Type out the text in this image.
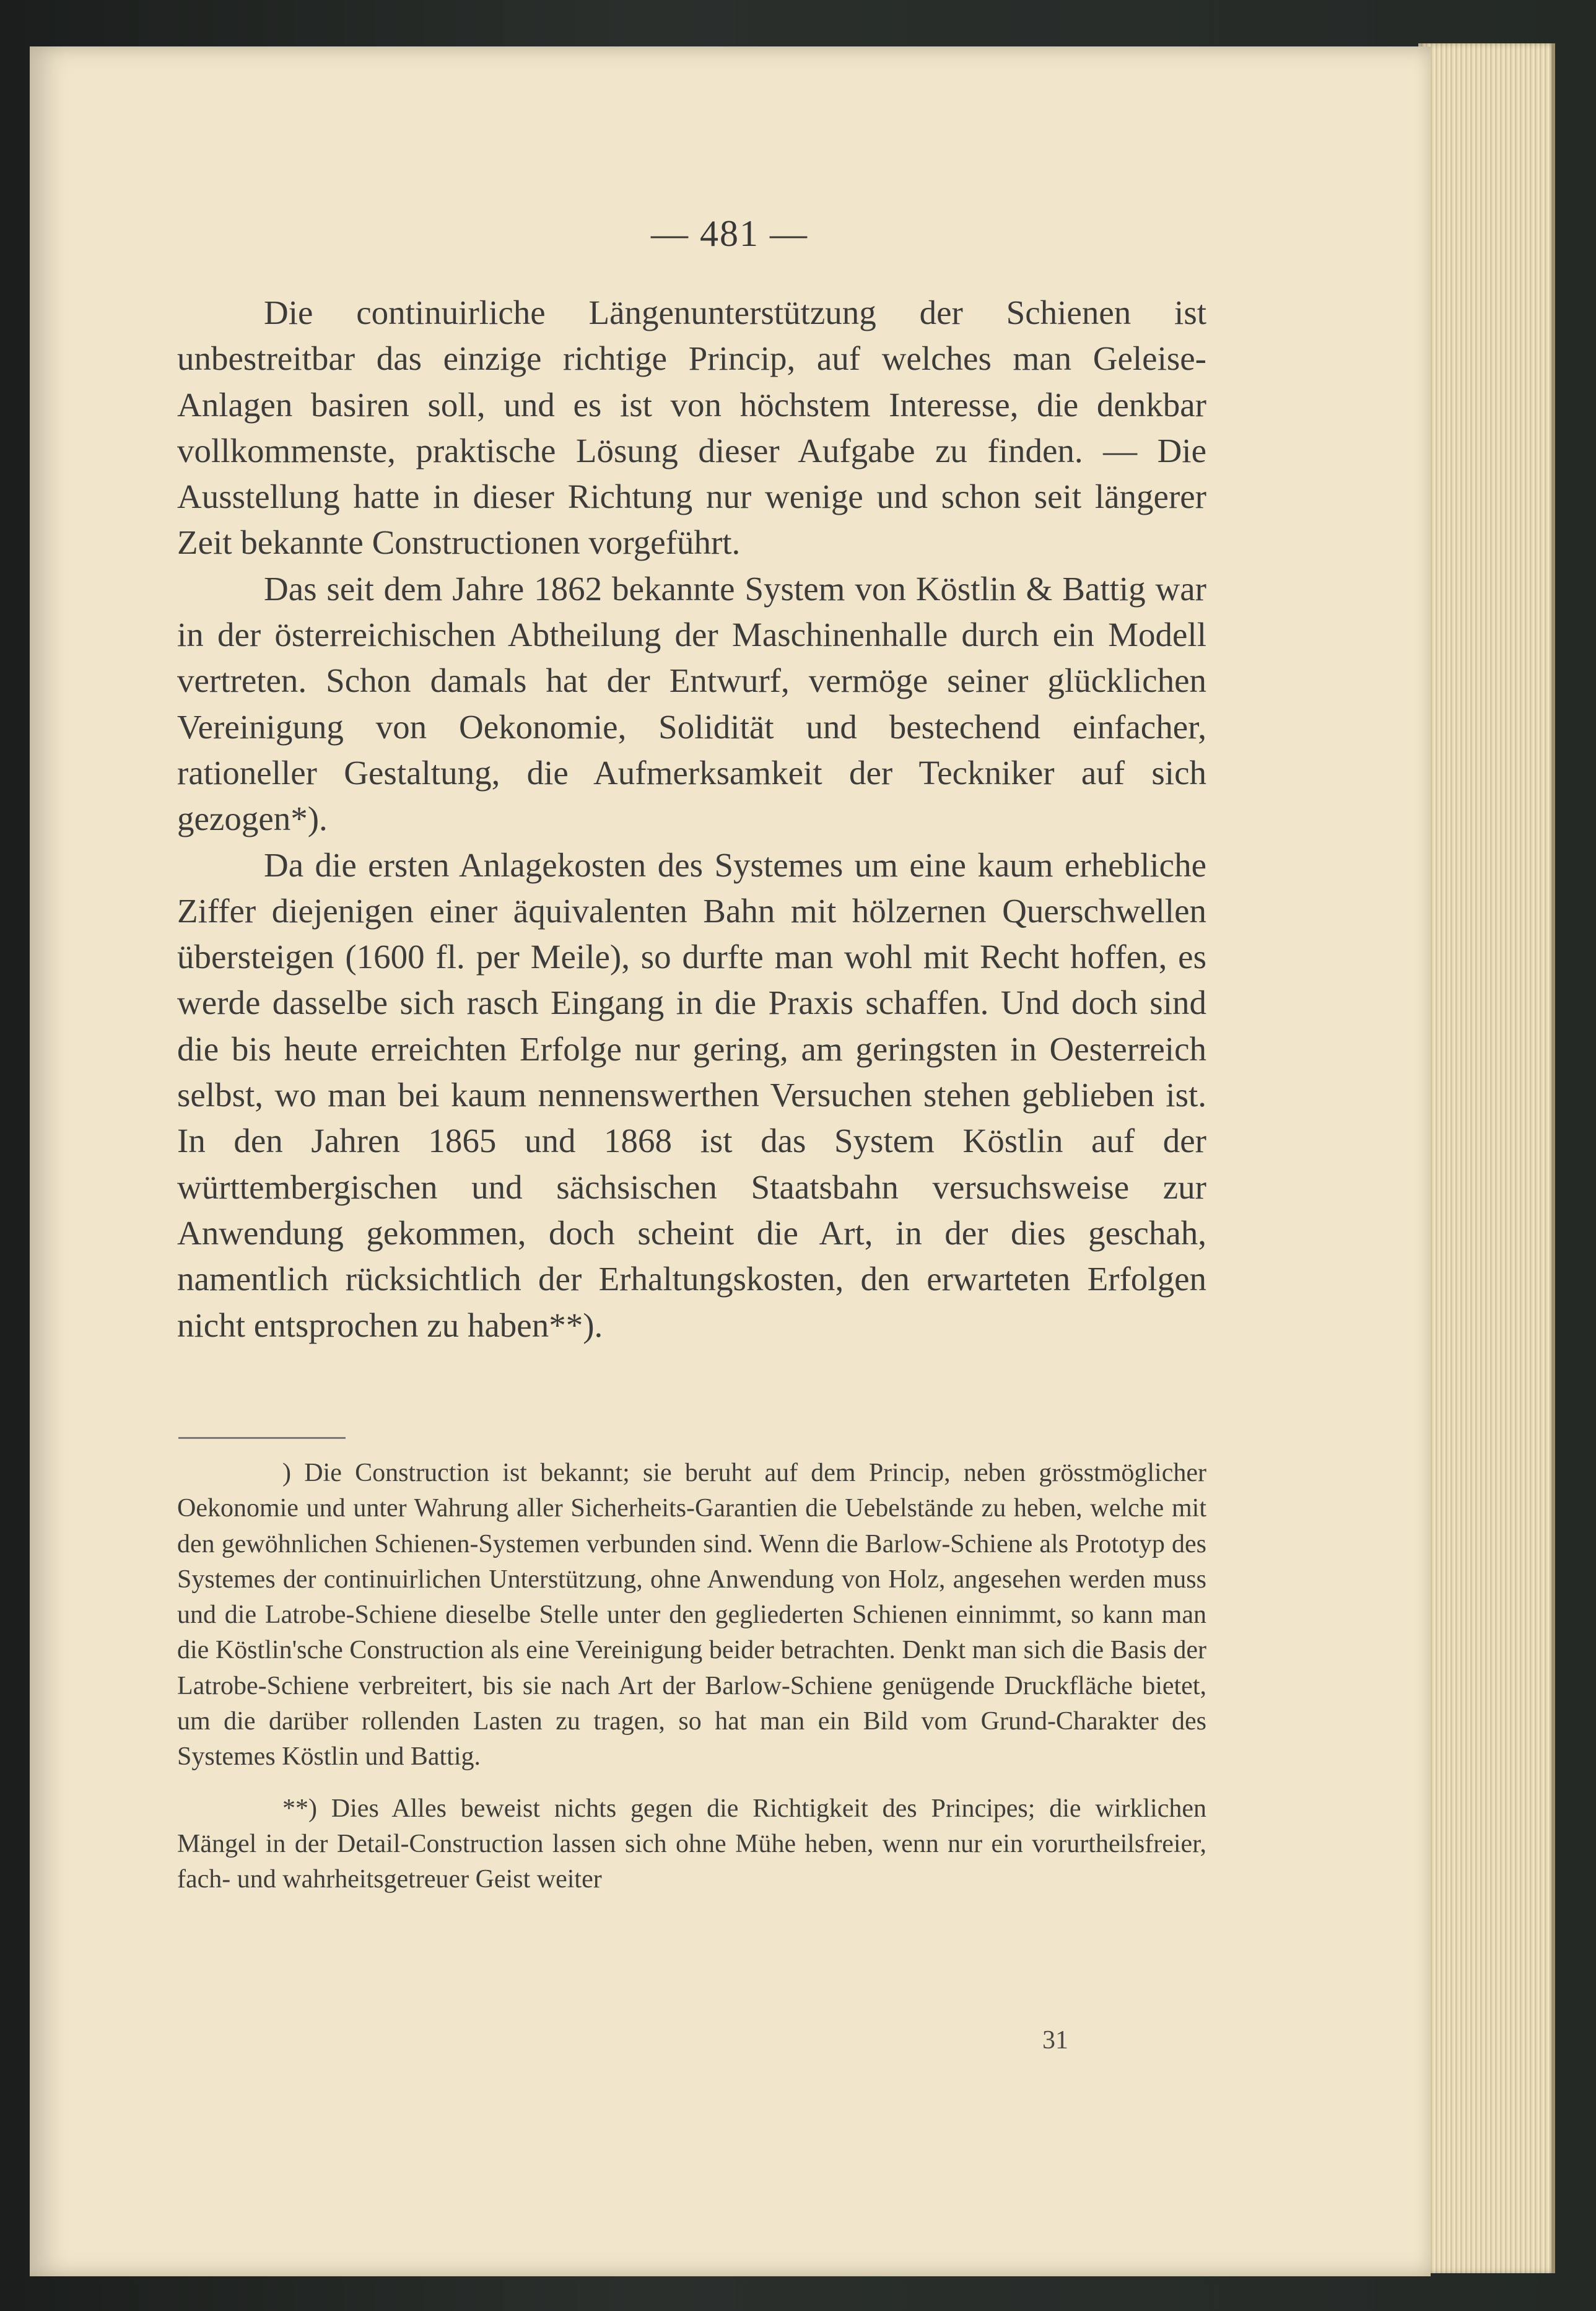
— 481 —

Die continuirliche Längenunterstützung der Schienen ist unbestreitbar das einzige richtige Princip, auf welches man Geleise-Anlagen basiren soll, und es ist von höchstem Interesse, die denkbar vollkommenste, praktische Lösung dieser Aufgabe zu finden. — Die Ausstellung hatte in dieser Richtung nur wenige und schon seit längerer Zeit bekannte Constructionen vorgeführt.

Das seit dem Jahre 1862 bekannte System von Köstlin & Battig war in der österreichischen Abtheilung der Maschinenhalle durch ein Modell vertreten. Schon damals hat der Entwurf, vermöge seiner glücklichen Vereinigung von Oekonomie, Solidität und bestechend einfacher, rationeller Gestaltung, die Aufmerksamkeit der Teckniker auf sich gezogen*).

Da die ersten Anlagekosten des Systemes um eine kaum erhebliche Ziffer diejenigen einer äquivalenten Bahn mit hölzernen Querschwellen übersteigen (1600 fl. per Meile), so durfte man wohl mit Recht hoffen, es werde dasselbe sich rasch Eingang in die Praxis schaffen. Und doch sind die bis heute erreichten Erfolge nur gering, am geringsten in Oesterreich selbst, wo man bei kaum nennenswerthen Versuchen stehen geblieben ist. In den Jahren 1865 und 1868 ist das System Köstlin auf der württembergischen und sächsischen Staatsbahn versuchsweise zur Anwendung gekommen, doch scheint die Art, in der dies geschah, namentlich rücksichtlich der Erhaltungskosten, den erwarteten Erfolgen nicht entsprochen zu haben**).

) Die Construction ist bekannt; sie beruht auf dem Princip, neben grösstmöglicher Oekonomie und unter Wahrung aller Sicherheits-Garantien die Uebelstände zu heben, welche mit den gewöhnlichen Schienen-Systemen verbunden sind. Wenn die Barlow-Schiene als Prototyp des Systemes der continuirlichen Unterstützung, ohne Anwendung von Holz, angesehen werden muss und die Latrobe-Schiene dieselbe Stelle unter den gegliederten Schienen einnimmt, so kann man die Köstlin'sche Construction als eine Vereinigung beider betrachten. Denkt man sich die Basis der Latrobe-Schiene verbreitert, bis sie nach Art der Barlow-Schiene genügende Druckfläche bietet, um die darüber rollenden Lasten zu tragen, so hat man ein Bild vom Grund-Charakter des Systemes Köstlin und Battig.

**) Dies Alles beweist nichts gegen die Richtigkeit des Principes; die wirklichen Mängel in der Detail-Construction lassen sich ohne Mühe heben, wenn nur ein vorurtheilsfreier, fach- und wahrheitsgetreuer Geist weiter

31
